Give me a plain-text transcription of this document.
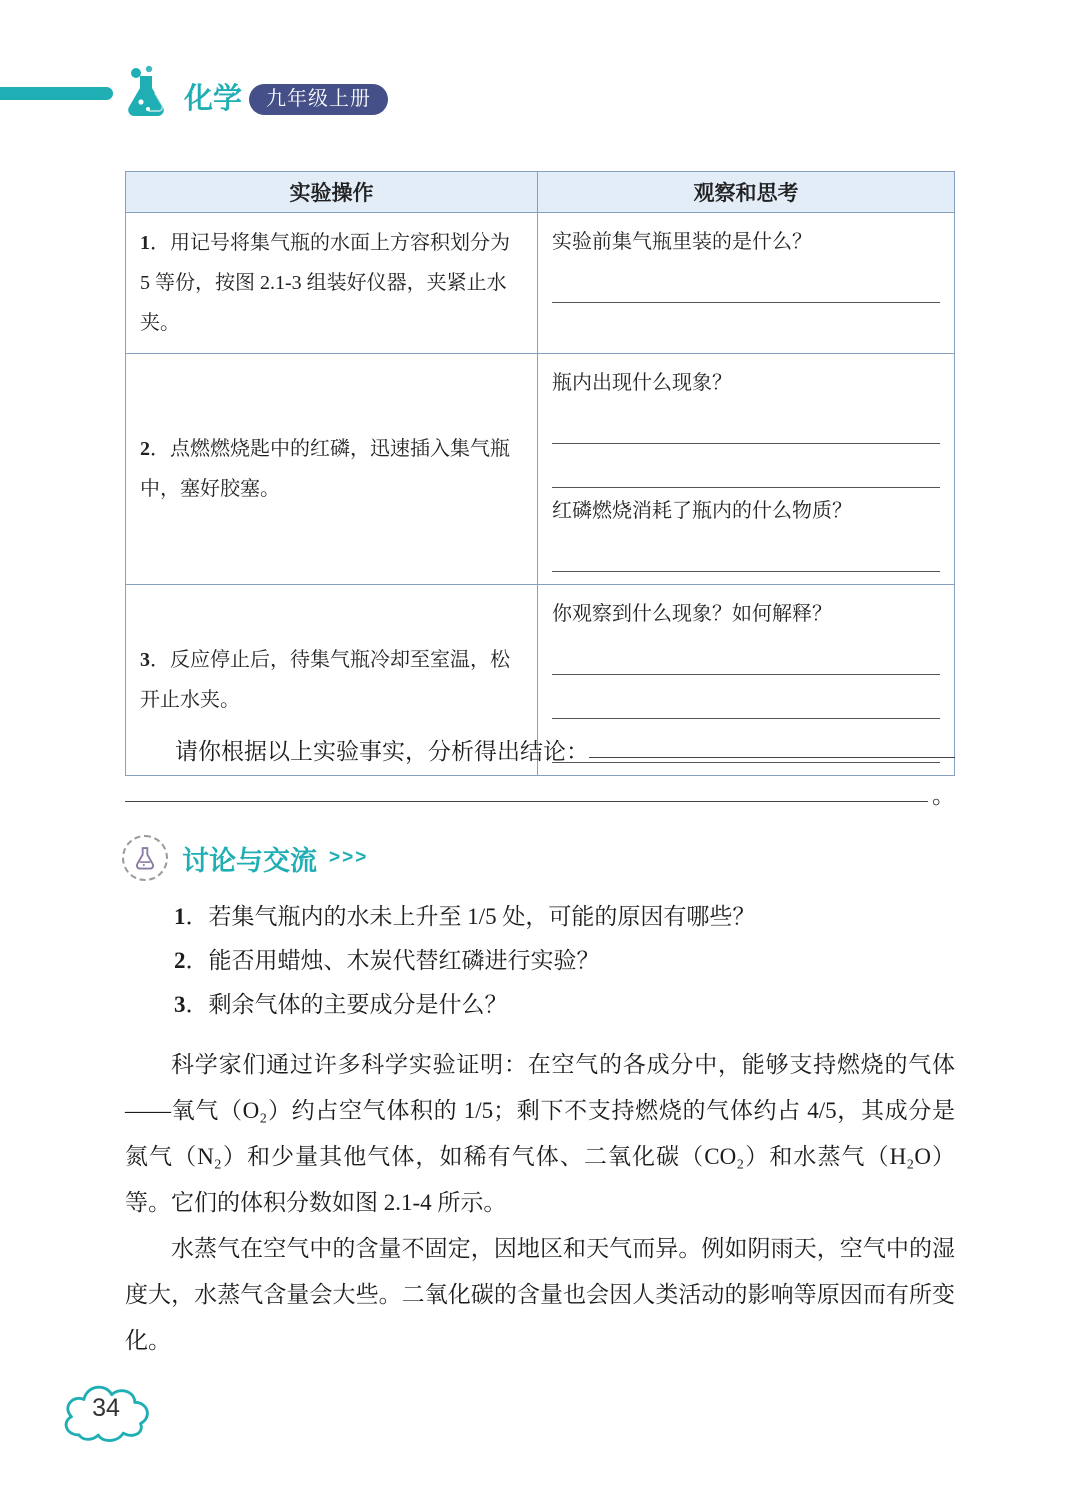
化学	九年级上册
实验操作	观察和思考
1．用记号将集气瓶的水面上方容积划分为 5 等份，按图 2.1-3 组装好仪器，夹紧止水夹。
实验前集气瓶里装的是什么？
2．点燃燃烧匙中的红磷，迅速插入集气瓶中，塞好胶塞。
瓶内出现什么现象？
红磷燃烧消耗了瓶内的什么物质？
3．反应停止后，待集气瓶冷却至室温，松开止水夹。
你观察到什么现象？如何解释？
请你根据以上实验事实，分析得出结论：
。
讨论与交流 >>>
1．若集气瓶内的水未上升至 1/5 处，可能的原因有哪些？
2．能否用蜡烛、木炭代替红磷进行实验？
3．剩余气体的主要成分是什么？

科学家们通过许多科学实验证明：在空气的各成分中，能够支持燃烧的气体——氧气（O₂）约占空气体积的 1/5；剩下不支持燃烧的气体约占 4/5，其成分是氮气（N₂）和少量其他气体，如稀有气体、二氧化碳（CO₂）和水蒸气（H₂O）等。它们的体积分数如图 2.1-4 所示。

水蒸气在空气中的含量不固定，因地区和天气而异。例如阴雨天，空气中的湿度大，水蒸气含量会大些。二氧化碳的含量也会因人类活动的影响等原因而有所变化。

34
